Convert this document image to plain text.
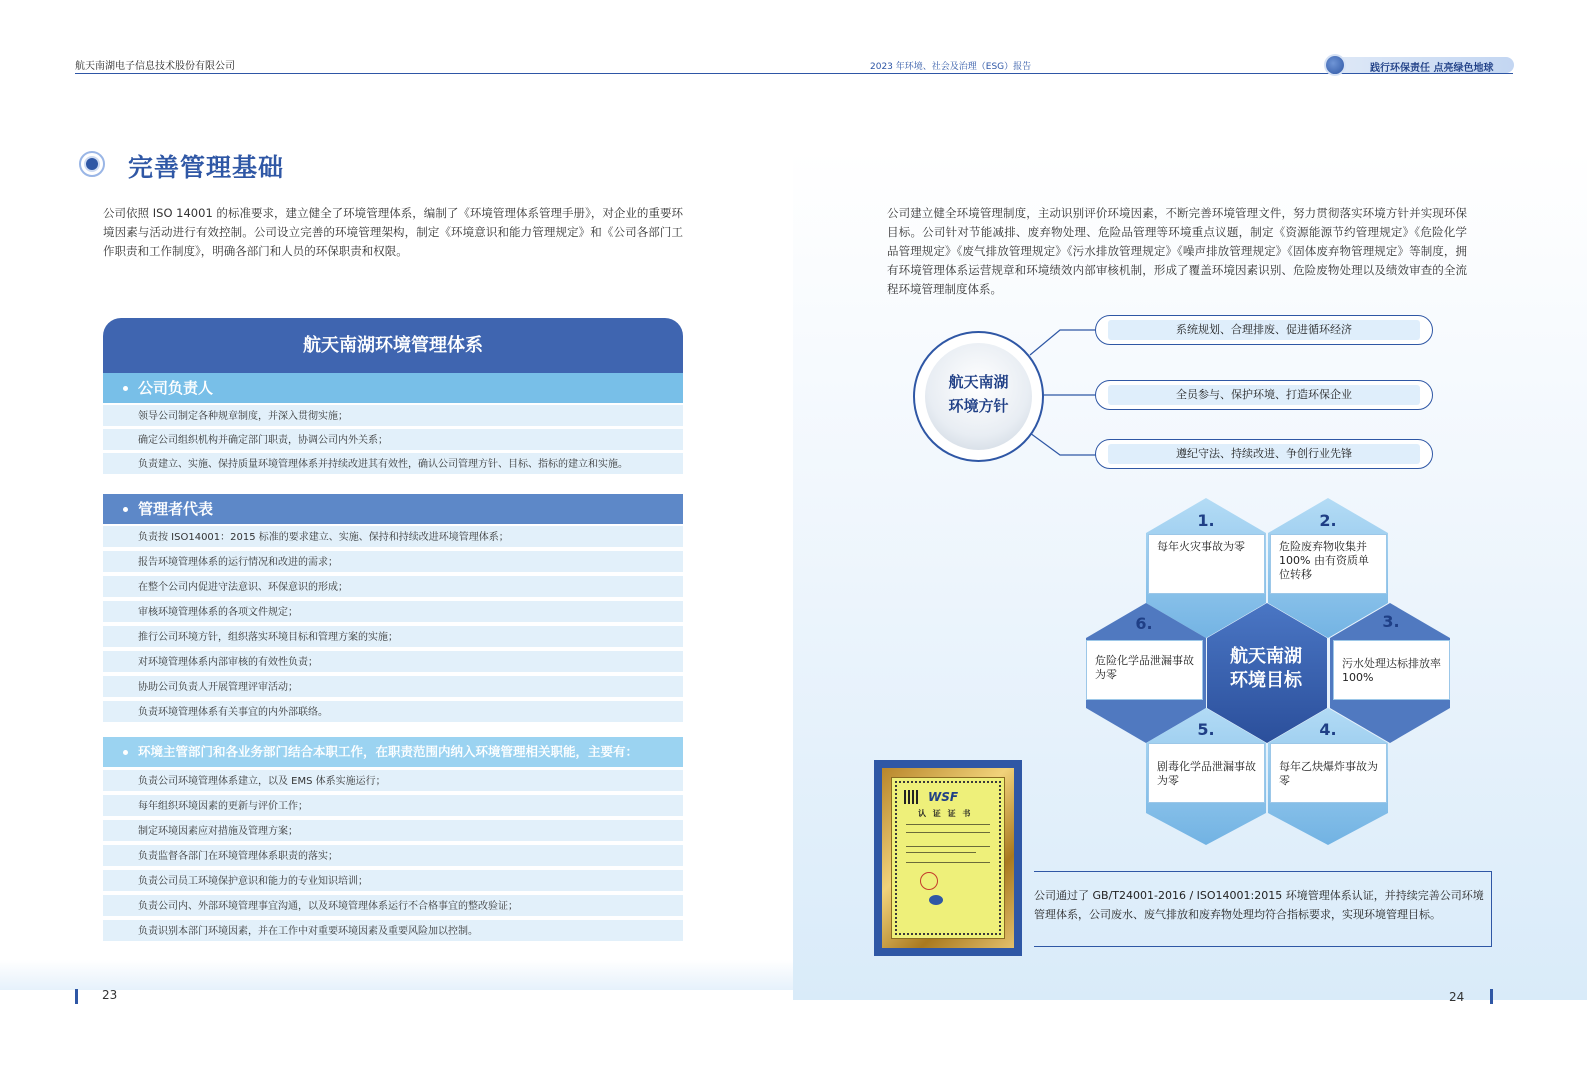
航天南湖电子信息技术股份有限公司	2023 年环境、社会及治理（ESG）报告	践行环保责任 点亮绿色地球
完善管理基础
公司依照 ISO 14001 的标准要求，建立健全了环境管理体系，编制了《环境管理体系管理手册》，对企业的重要环境因素与活动进行有效控制。公司设立完善的环境管理架构，制定《环境意识和能力管理规定》和《公司各部门工作职责和工作制度》，明确各部门和人员的环保职责和权限。
公司建立健全环境管理制度，主动识别评价环境因素，不断完善环境管理文件，努力贯彻落实环境方针并实现环保目标。公司针对节能减排、废弃物处理、危险品管理等环境重点议题，制定《资源能源节约管理规定》《危险化学品管理规定》《废气排放管理规定》《污水排放管理规定》《噪声排放管理规定》《固体废弃物管理规定》等制度，拥有环境管理体系运营规章和环境绩效内部审核机制，形成了覆盖环境因素识别、危险废物处理以及绩效审查的全流程环境管理制度体系。
航天南湖环境管理体系
公司负责人
领导公司制定各种规章制度，并深入贯彻实施；
确定公司组织机构并确定部门职责，协调公司内外关系；
负责建立、实施、保持质量环境管理体系并持续改进其有效性，确认公司管理方针、目标、指标的建立和实施。
管理者代表
负责按 ISO14001：2015 标准的要求建立、实施、保持和持续改进环境管理体系；
报告环境管理体系的运行情况和改进的需求；
在整个公司内促进守法意识、环保意识的形成；
审核环境管理体系的各项文件规定；
推行公司环境方针，组织落实环境目标和管理方案的实施；
对环境管理体系内部审核的有效性负责；
协助公司负责人开展管理评审活动；
负责环境管理体系有关事宜的内外部联络。
环境主管部门和各业务部门结合本职工作，在职责范围内纳入环境管理相关职能，主要有：
负责公司环境管理体系建立，以及 EMS 体系实施运行；
每年组织环境因素的更新与评价工作；
制定环境因素应对措施及管理方案；
负责监督各部门在环境管理体系职责的落实；
负责公司员工环境保护意识和能力的专业知识培训；
负责公司内、外部环境管理事宜沟通，以及环境管理体系运行不合格事宜的整改验证；
负责识别本部门环境因素，并在工作中对重要环境因素及重要风险加以控制。
航天南湖
环境方针
系统规划、合理排废、促进循环经济
全员参与、保护环境、打造环保企业
遵纪守法、持续改进、争创行业先锋
1.	2.
3.
4.
5.
6.
每年火灾事故为零	危险废弃物收集并 100% 由有资质单位转移
污水处理达标排放率 100%
每年乙炔爆炸事故为零
剧毒化学品泄漏事故为零
危险化学品泄漏事故为零
航天南湖
环境目标
WSF
认 证 证 书
公司通过了 GB/T24001-2016 / ISO14001:2015 环境管理体系认证，并持续完善公司环境管理体系，公司废水、废气排放和废弃物处理均符合指标要求，实现环境管理目标。
23	24
